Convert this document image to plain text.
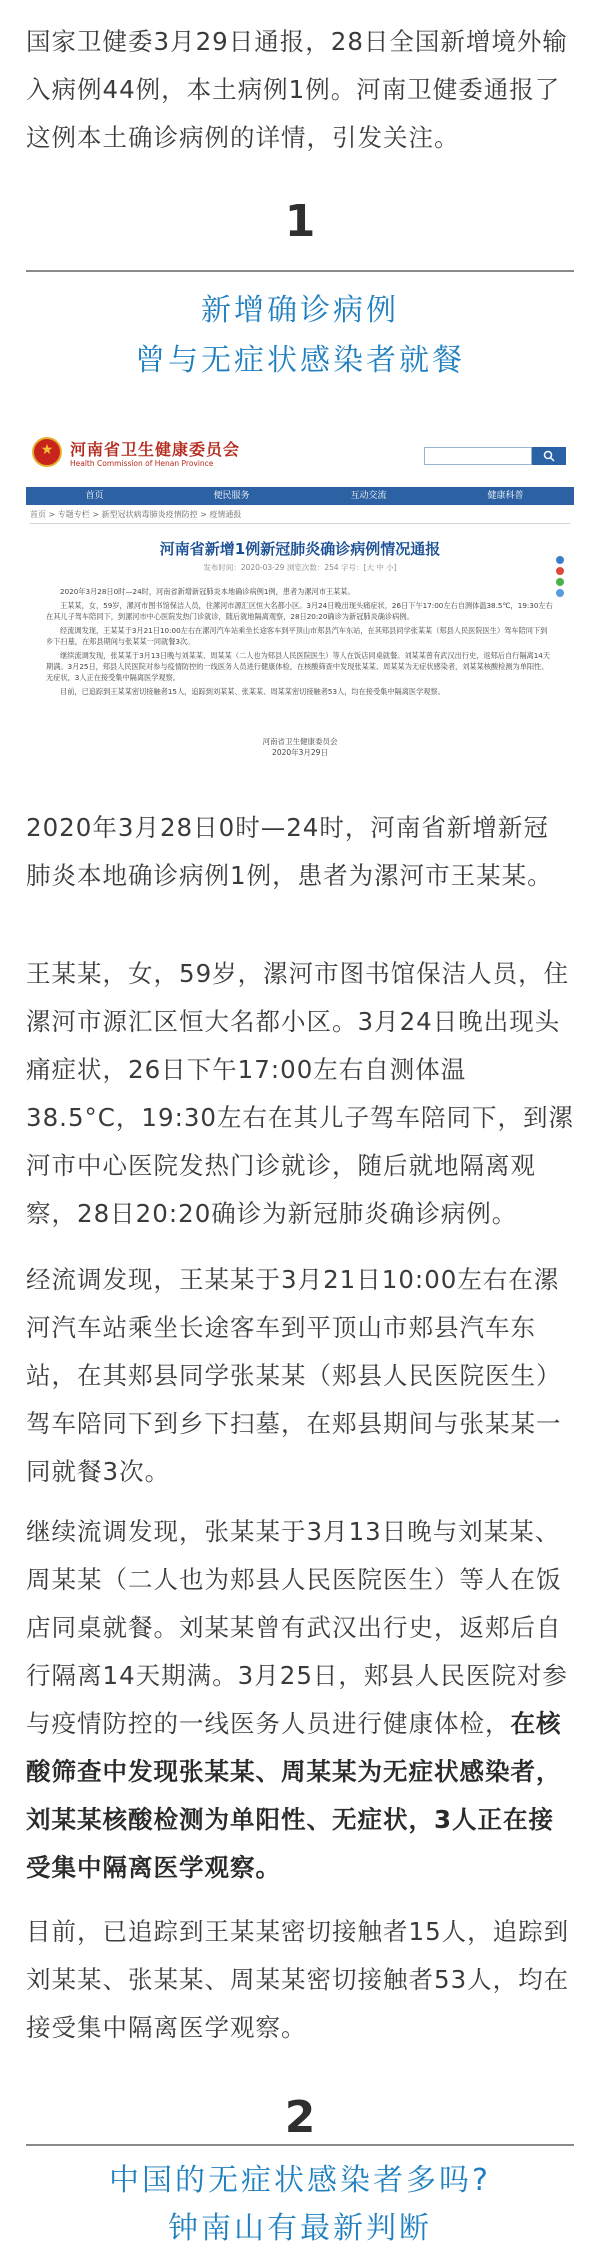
国家卫健委3月29日通报，28日全国新增境外输入病例44例，本土病例1例。河南卫健委通报了这例本土确诊病例的详情，引发关注。

1
新增确诊病例
曾与无症状感染者就餐
★
河南省卫生健康委员会
Health Commission of Henan Province
首页	便民服务	互动交流	健康科普
首页 > 专题专栏 > 新型冠状病毒肺炎疫情防控 > 疫情通报
河南省新增1例新冠肺炎确诊病例情况通报
发布时间：2020-03-29 浏览次数：254 字号：[大 中 小]

2020年3月28日0时—24时，河南省新增新冠肺炎本地确诊病例1例，患者为漯河市王某某。

王某某，女，59岁，漯河市图书馆保洁人员，住漯河市源汇区恒大名都小区。3月24日晚出现头痛症状，26日下午17:00左右自测体温38.5℃，19:30左右在其儿子驾车陪同下，到漯河市中心医院发热门诊就诊，随后就地隔离观察，28日20:20确诊为新冠肺炎确诊病例。

经流调发现，王某某于3月21日10:00左右在漯河汽车站乘坐长途客车到平顶山市郏县汽车东站，在其郏县同学张某某（郏县人民医院医生）驾车陪同下到乡下扫墓，在郏县期间与张某某一同就餐3次。

继续流调发现，张某某于3月13日晚与刘某某、周某某（二人也为郏县人民医院医生）等人在饭店同桌就餐。刘某某曾有武汉出行史，返郏后自行隔离14天期满。3月25日，郏县人民医院对参与疫情防控的一线医务人员进行健康体检，在核酸筛查中发现张某某、周某某为无症状感染者，刘某某核酸检测为单阳性、无症状，3人正在接受集中隔离医学观察。

目前，已追踪到王某某密切接触者15人，追踪到刘某某、张某某、周某某密切接触者53人，均在接受集中隔离医学观察。

河南省卫生健康委员会
2020年3月29日

2020年3月28日0时—24时，河南省新增新冠肺炎本地确诊病例1例，患者为漯河市王某某。

王某某，女，59岁，漯河市图书馆保洁人员，住漯河市源汇区恒大名都小区。3月24日晚出现头痛症状，26日下午17:00左右自测体温38.5°C，19:30左右在其儿子驾车陪同下，到漯河市中心医院发热门诊就诊，随后就地隔离观察，28日20:20确诊为新冠肺炎确诊病例。

经流调发现，王某某于3月21日10:00左右在漯河汽车站乘坐长途客车到平顶山市郏县汽车东站，在其郏县同学张某某（郏县人民医院医生）驾车陪同下到乡下扫墓，在郏县期间与张某某一同就餐3次。

继续流调发现，张某某于3月13日晚与刘某某、周某某（二人也为郏县人民医院医生）等人在饭店同桌就餐。刘某某曾有武汉出行史，返郏后自行隔离14天期满。3月25日，郏县人民医院对参与疫情防控的一线医务人员进行健康体检，在核酸筛查中发现张某某、周某某为无症状感染者，刘某某核酸检测为单阳性、无症状，3人正在接受集中隔离医学观察。

目前，已追踪到王某某密切接触者15人，追踪到刘某某、张某某、周某某密切接触者53人，均在接受集中隔离医学观察。

2
中国的无症状感染者多吗?
钟南山有最新判断
